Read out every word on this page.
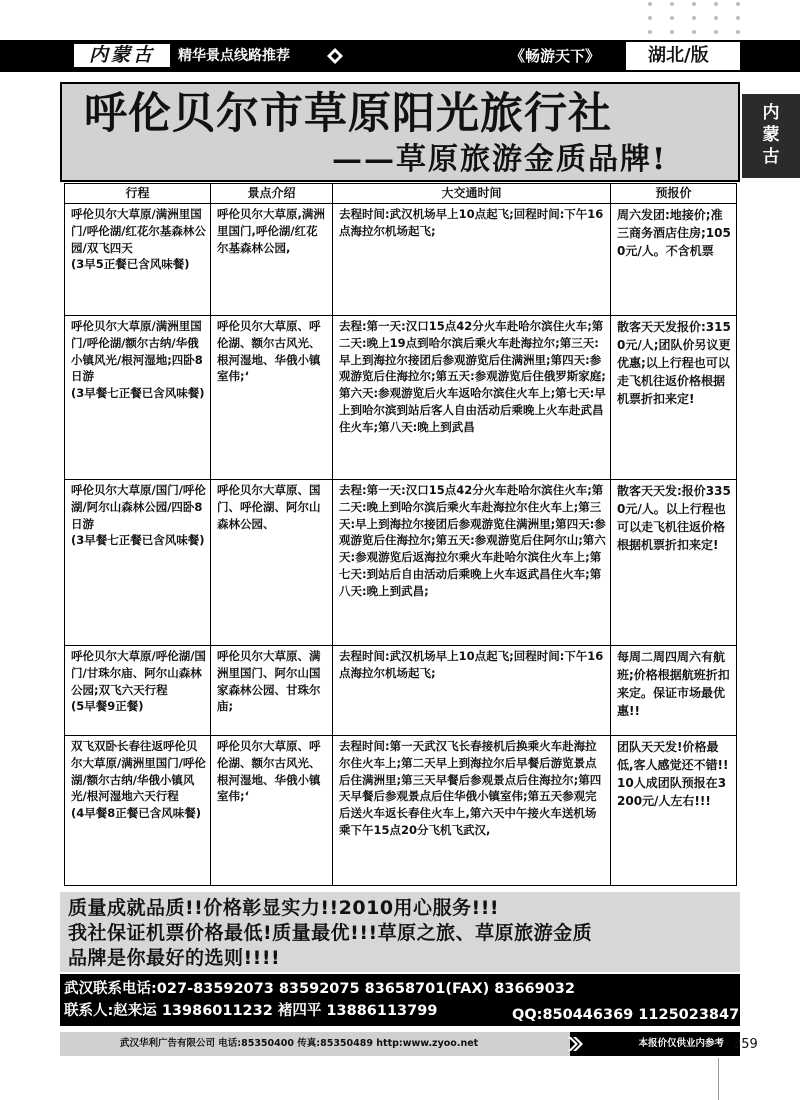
内蒙古	精华景点线路推荐	《畅游天下》	湖北/版
内
蒙
古
呼伦贝尔市草原阳光旅行社
——草原旅游金质品牌!
行程	景点介绍	大交通时间	预报价

呼伦贝尔大草原/满洲里国门/呼伦湖/红花尔基森林公园/双飞四天
(3早5正餐已含风味餐)	呼伦贝尔大草原,满洲里国门,呼伦湖/红花尔基森林公园,	去程时间:武汉机场早上10点起飞;回程时间:下午16点海拉尔机场起飞;	周六发团:地接价;准三商务酒店住房;1050元/人。不含机票

呼伦贝尔大草原/满洲里国门/呼伦湖/额尔古纳/华俄小镇风光/根河湿地;四卧8日游
(3早餐七正餐已含风味餐)	呼伦贝尔大草原、呼伦湖、额尔古风光、根河湿地、华俄小镇室伟;‘	去程:第一天:汉口15点42分火车赴哈尔滨住火车;第二天:晚上19点到哈尔滨后乘火车赴海拉尔;第三天:早上到海拉尔接团后参观游览后住满洲里;第四天:参观游览后住海拉尔;第五天:参观游览后住俄罗斯家庭;第六天:参观游览后火车返哈尔滨住火车上;第七天:早上到哈尔滨到站后客人自由活动后乘晚上火车赴武昌住火车;第八天:晚上到武昌	散客天天发报价:3150元/人;团队价另议更优惠;以上行程也可以走飞机往返价格根据机票折扣来定!

呼伦贝尔大草原/国门/呼伦湖/阿尔山森林公园/四卧8日游
(3早餐七正餐已含风味餐)	呼伦贝尔大草原、国门、呼伦湖、阿尔山森林公园、	去程:第一天:汉口15点42分火车赴哈尔滨住火车;第二天:晚上到哈尔滨后乘火车赴海拉尔住火车上;第三天:早上到海拉尔接团后参观游览住满洲里;第四天:参观游览后住海拉尔;第五天:参观游览后住阿尔山;第六天:参观游览后返海拉尔乘火车赴哈尔滨住火车上;第七天:到站后自由活动后乘晚上火车返武昌住火车;第八天:晚上到武昌;	散客天天发:报价3350元/人。以上行程也可以走飞机往返价格根据机票折扣来定!

呼伦贝尔大草原/呼伦湖/国门/甘珠尔庙、阿尔山森林公园;双飞六天行程
(5早餐9正餐)	呼伦贝尔大草原、满洲里国门、阿尔山国家森林公园、甘珠尔庙;	去程时间:武汉机场早上10点起飞;回程时间:下午16点海拉尔机场起飞;	每周二周四周六有航班;价格根据航班折扣来定。保证市场最优惠!!

双飞双卧长春往返呼伦贝尔大草原/满洲里国门/呼伦湖/额尔古纳/华俄小镇风光/根河湿地六天行程
(4早餐8正餐已含风味餐)	呼伦贝尔大草原、呼伦湖、额尔古风光、根河湿地、华俄小镇室伟;‘	去程时间:第一天武汉飞长春接机后换乘火车赴海拉尔住火车上;第二天早上到海拉尔后早餐后游览景点后住满洲里;第三天早餐后参观景点后住海拉尔;第四天早餐后参观景点后住华俄小镇室伟;第五天参观完后送火车返长春住火车上,第六天中午接火车送机场乘下午15点20分飞机飞武汉,	团队天天发!价格最低,客人感觉还不错!!10人成团队预报在3200元/人左右!!!
质量成就品质!!价格彰显实力!!2010用心服务!!!
我社保证机票价格最低!质量最优!!!草原之旅、草原旅游金质
品牌是你最好的选则!!!!
武汉联系电话:027-83592073 83592075 83658701(FAX) 83669032
联系人:赵来运 13986011232 褚四平 13886113799	QQ:850446369 1125023847
武汉华利广告有限公司 电话:85350400 传真:85350489 http:www.zyoo.net	本报价仅供业内参考 359
